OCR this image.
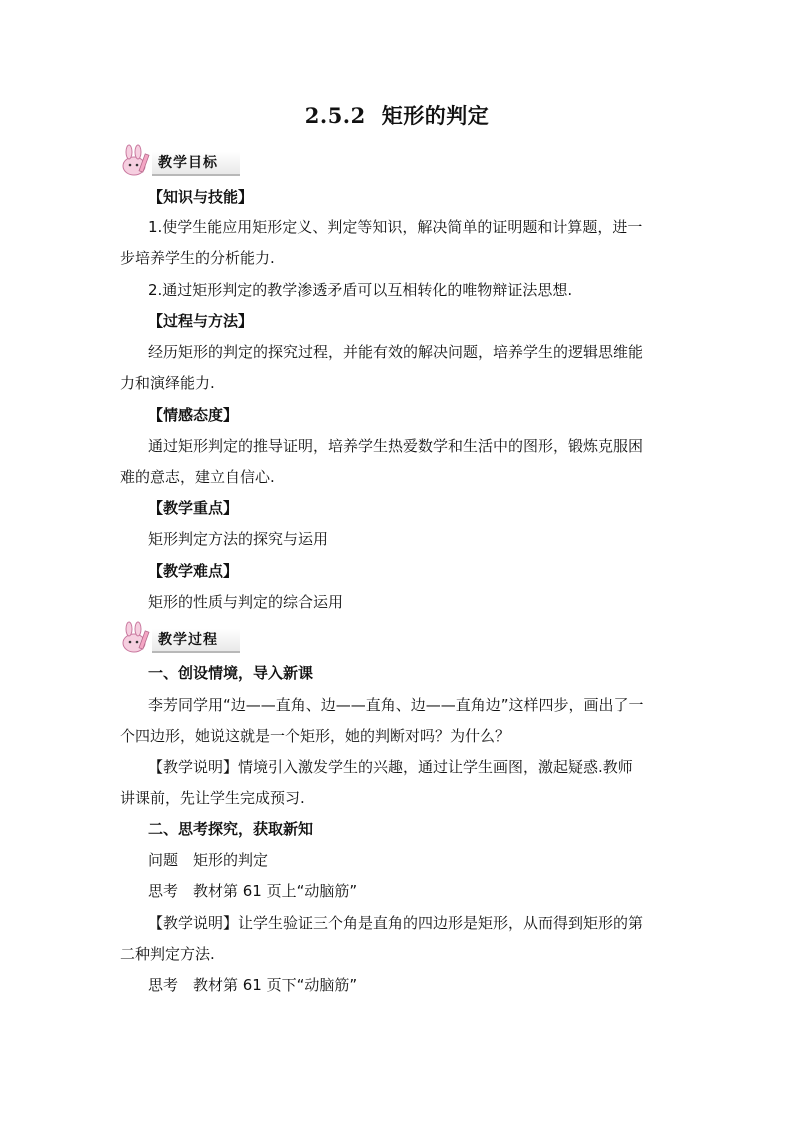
2.5.2 矩形的判定
教学目标
【知识与技能】
1.使学生能应用矩形定义、判定等知识，解决简单的证明题和计算题，进一
步培养学生的分析能力.
2.通过矩形判定的教学渗透矛盾可以互相转化的唯物辩证法思想.
【过程与方法】
经历矩形的判定的探究过程，并能有效的解决问题，培养学生的逻辑思维能
力和演绎能力.
【情感态度】
通过矩形判定的推导证明，培养学生热爱数学和生活中的图形，锻炼克服困
难的意志，建立自信心.
【教学重点】
矩形判定方法的探究与运用
【教学难点】
矩形的性质与判定的综合运用
教学过程
一、创设情境，导入新课
李芳同学用“边——直角、边——直角、边——直角边”这样四步，画出了一
个四边形，她说这就是一个矩形，她的判断对吗？为什么？
【教学说明】情境引入激发学生的兴趣，通过让学生画图，激起疑惑.教师
讲课前，先让学生完成预习.
二、思考探究，获取新知
问题　矩形的判定
思考　教材第 61 页上“动脑筋”
【教学说明】让学生验证三个角是直角的四边形是矩形，从而得到矩形的第
二种判定方法.
思考　教材第 61 页下“动脑筋”
